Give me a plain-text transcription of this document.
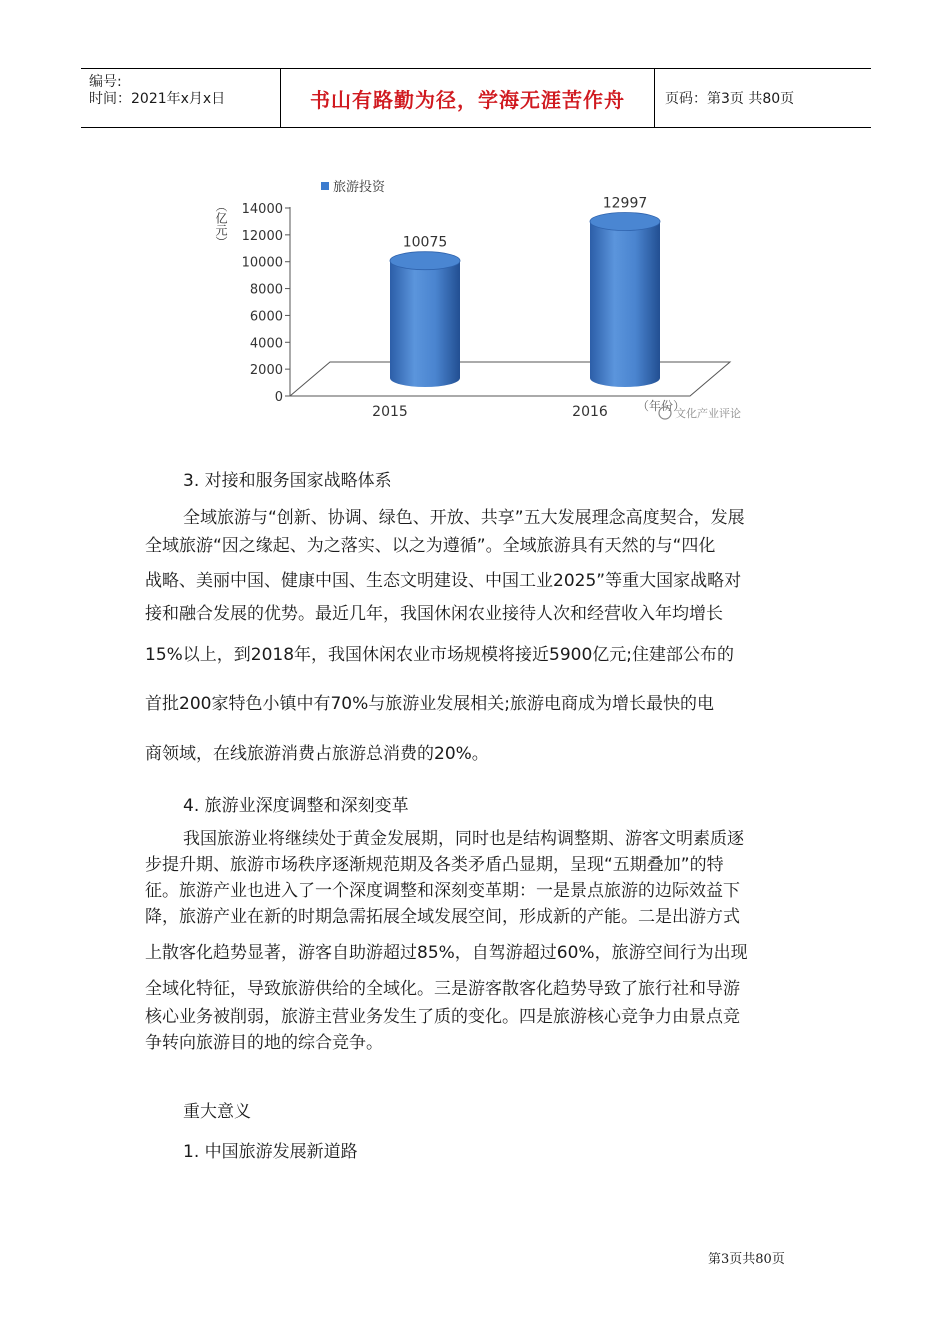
编号:
时间：2021年x月x日	书山有路勤为径，学海无涯苦作舟	页码：第3页 共80页
0
2000
4000
6000
8000
10000
12000
14000
10075
2015
12997
2016
旅游投资
（亿元）
（年份）
文化产业评论

3. 对接和服务国家战略体系

全域旅游与“创新、协调、绿色、开放、共享”五大发展理念高度契合，发展

全域旅游“因之缘起、为之落实、以之为遵循”。全域旅游具有天然的与“四化

战略、美丽中国、健康中国、生态文明建设、中国工业2025”等重大国家战略对

接和融合发展的优势。最近几年，我国休闲农业接待人次和经营收入年均增长

15%以上，到2018年，我国休闲农业市场规模将接近5900亿元;住建部公布的

首批200家特色小镇中有70%与旅游业发展相关;旅游电商成为增长最快的电

商领域，在线旅游消费占旅游总消费的20%。

4. 旅游业深度调整和深刻变革

我国旅游业将继续处于黄金发展期，同时也是结构调整期、游客文明素质逐

步提升期、旅游市场秩序逐渐规范期及各类矛盾凸显期，呈现“五期叠加”的特

征。旅游产业也进入了一个深度调整和深刻变革期：一是景点旅游的边际效益下

降，旅游产业在新的时期急需拓展全域发展空间，形成新的产能。二是出游方式

上散客化趋势显著，游客自助游超过85%，自驾游超过60%，旅游空间行为出现

全域化特征，导致旅游供给的全域化。三是游客散客化趋势导致了旅行社和导游

核心业务被削弱，旅游主营业务发生了质的变化。四是旅游核心竞争力由景点竞

争转向旅游目的地的综合竞争。

重大意义

1. 中国旅游发展新道路

第3页共80页
